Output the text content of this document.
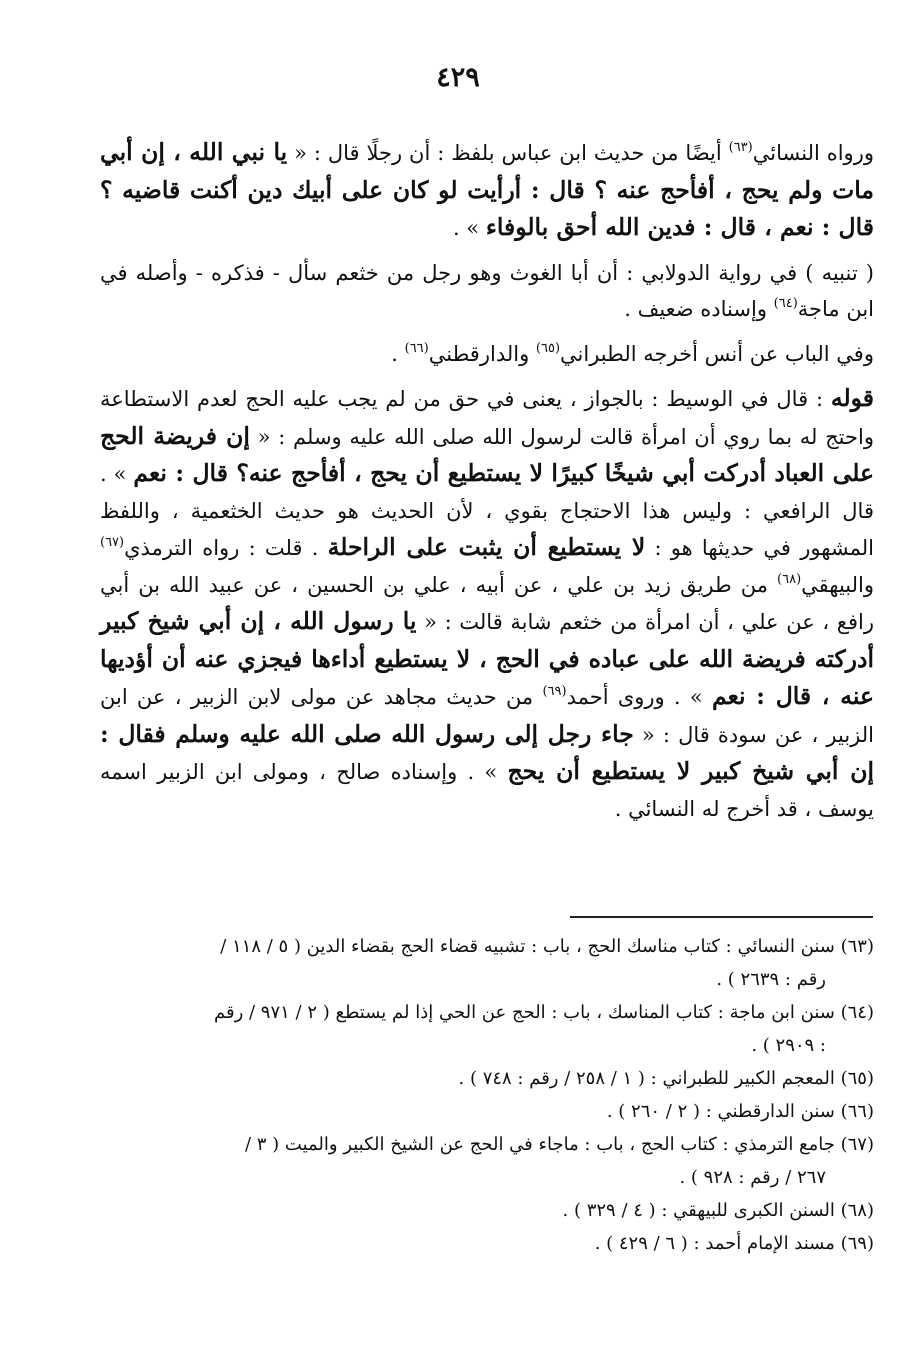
٤٢٩

ورواه النسائي$^{(٦٣)}$ أيضًا من حديث ابن عباس بلفظ : أن رجلًا قال : « يا نبي الله ، إن أبي مات ولم يحج ، أفأحج عنه ؟ قال : أرأيت لو كان على أبيك دين أكنت قاضيه ؟ قال : نعم ، قال : فدين الله أحق بالوفاء » .

( تنبيه ) في رواية الدولابي : أن أبا الغوث وهو رجل من خثعم سأل - فذكره - وأصله في ابن ماجة$^{(٦٤)}$ وإسناده ضعيف .

وفي الباب عن أنس أخرجه الطبراني$^{(٦٥)}$ والدارقطني$^{(٦٦)}$ .

قوله : قال في الوسيط : بالجواز ، يعنى في حق من لم يجب عليه الحج لعدم الاستطاعة واحتج له بما روي أن امرأة قالت لرسول الله صلى الله عليه وسلم : « إن فريضة الحج على العباد أدركت أبي شيخًا كبيرًا لا يستطيع أن يحج ، أفأحج عنه؟ قال : نعم » . قال الرافعي : وليس هذا الاحتجاج بقوي ، لأن الحديث هو حديث الخثعمية ، واللفظ المشهور في حديثها هو : لا يستطيع أن يثبت على الراحلة . قلت : رواه الترمذي$^{(٦٧)}$ والبيهقي$^{(٦٨)}$ من طريق زيد بن علي ، عن أبيه ، علي بن الحسين ، عن عبيد الله بن أبي رافع ، عن علي ، أن امرأة من خثعم شابة قالت : « يا رسول الله ، إن أبي شيخ كبير أدركته فريضة الله على عباده في الحج ، لا يستطيع أداءها فيجزي عنه أن أؤديها عنه ، قال : نعم » . وروى أحمد$^{(٦٩)}$ من حديث مجاهد عن مولى لابن الزبير ، عن ابن الزبير ، عن سودة قال : « جاء رجل إلى رسول الله صلى الله عليه وسلم فقال : إن أبي شيخ كبير لا يستطيع أن يحج » . وإسناده صالح ، ومولى ابن الزبير اسمه يوسف ، قد أخرج له النسائي .

(٦٣) سنن النسائي : كتاب مناسك الحج ، باب : تشبيه قضاء الحج بقضاء الدين ( ٥ / ١١٨ /

رقم : ٢٦٣٩ ) .

(٦٤) سنن ابن ماجة : كتاب المناسك ، باب : الحج عن الحي إذا لم يستطع ( ٢ / ٩٧١ / رقم

: ٢٩٠٩ ) .

(٦٥) المعجم الكبير للطبراني : ( ١ / ٢٥٨ / رقم : ٧٤٨ ) .

(٦٦) سنن الدارقطني : ( ٢ / ٢٦٠ ) .

(٦٧) جامع الترمذي : كتاب الحج ، باب : ماجاء في الحج عن الشيخ الكبير والميت ( ٣ /

٢٦٧ / رقم : ٩٢٨ ) .

(٦٨) السنن الكبرى للبيهقي : ( ٤ / ٣٢٩ ) .

(٦٩) مسند الإمام أحمد : ( ٦ / ٤٢٩ ) .
